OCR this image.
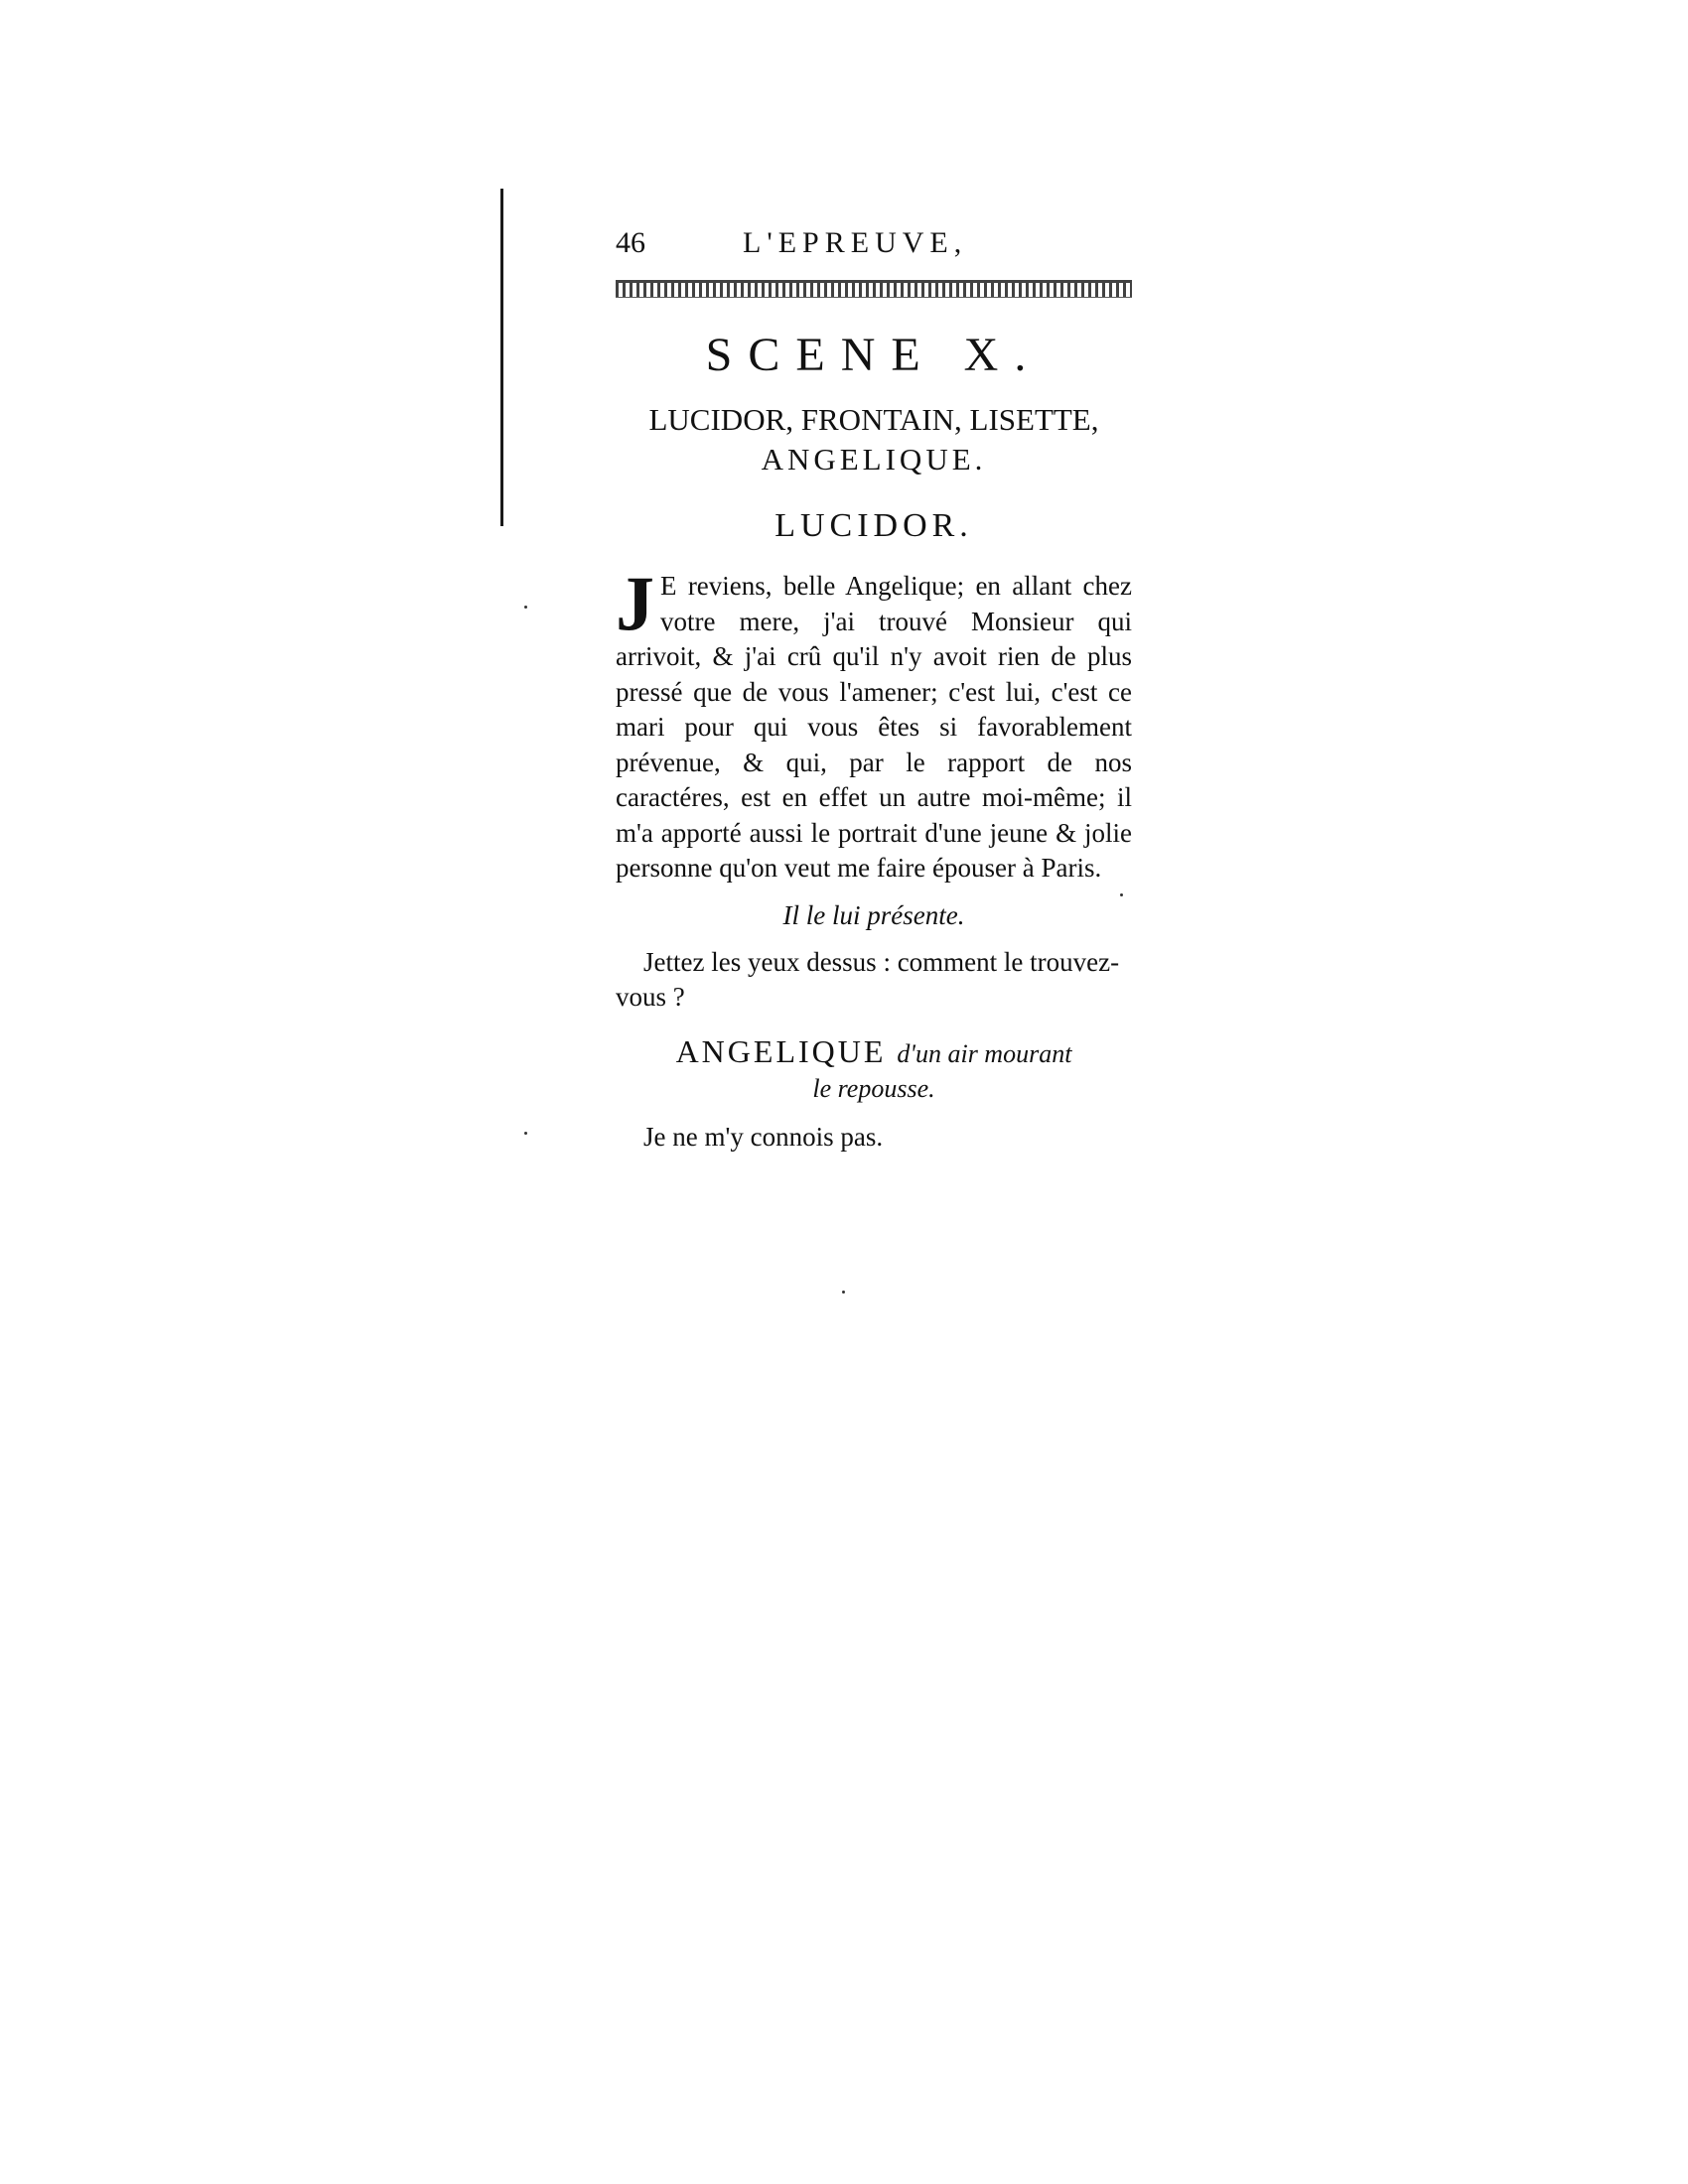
46	L'EPREUVE,
SCENE X.
LUCIDOR, FRONTAIN, LISETTE,
ANGELIQUE.
LUCIDOR.
J E reviens, belle Angelique; en allant chez votre mere, j'ai trouvé Monsieur qui arrivoit, & j'ai crû qu'il n'y avoit rien de plus pressé que de vous l'amener; c'est lui, c'est ce mari pour qui vous êtes si favorablement prévenue, & qui, par le rapport de nos caractéres, est en effet un autre moi-même; il m'a apporté aussi le portrait d'une jeune & jolie personne qu'on veut me faire épouser à Paris.
Il le lui présente.
Jettez les yeux dessus : comment le trouvez-vous ?
ANGELIQUE d'un air mourant
le repousse.
Je ne m'y connois pas.
